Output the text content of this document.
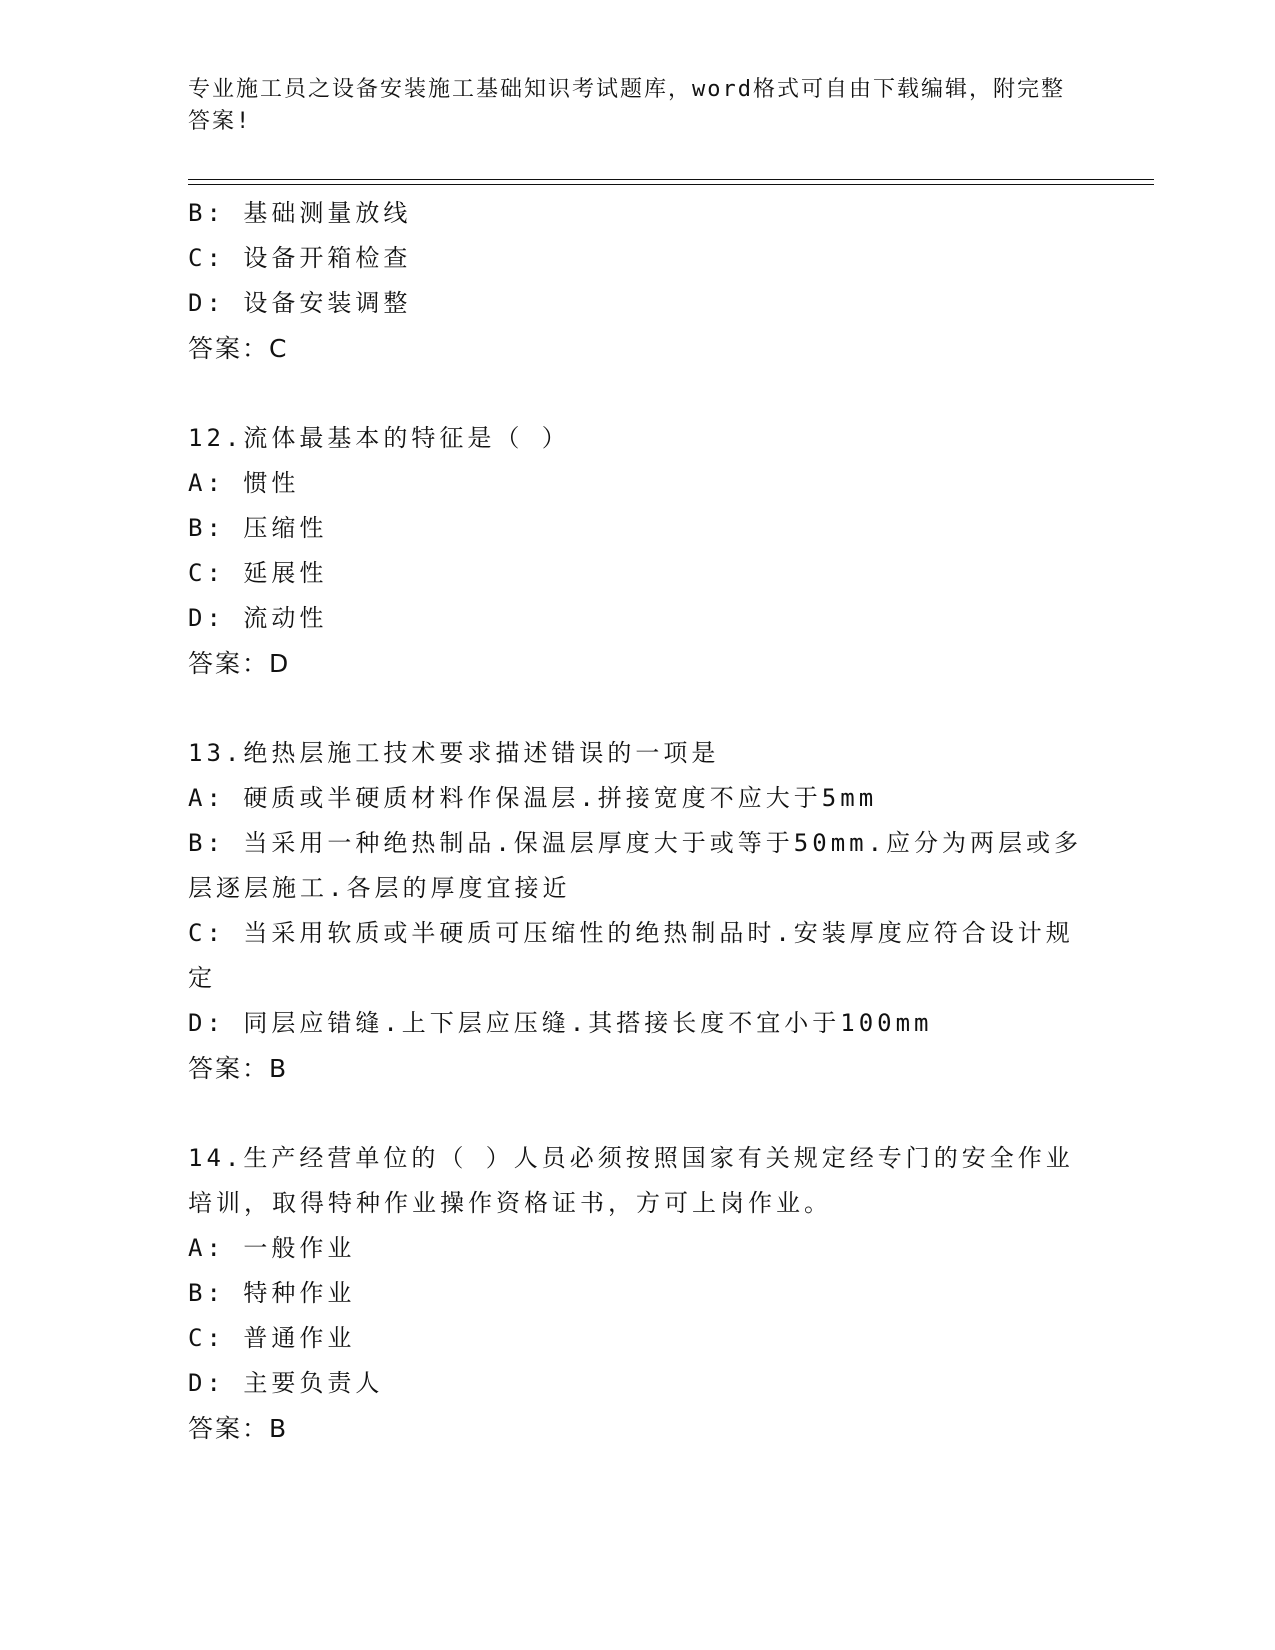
专业施工员之设备安装施工基础知识考试题库，word格式可自由下载编辑，附完整答案!
B: 基础测量放线
C: 设备开箱检查
D: 设备安装调整
答案：C
12.流体最基本的特征是（ ）
A: 惯性
B: 压缩性
C: 延展性
D: 流动性
答案：D
13.绝热层施工技术要求描述错误的一项是
A: 硬质或半硬质材料作保温层.拼接宽度不应大于5mm
B: 当采用一种绝热制品.保温层厚度大于或等于50mm.应分为两层或多层逐层施工.各层的厚度宜接近
C: 当采用软质或半硬质可压缩性的绝热制品时.安装厚度应符合设计规定
D: 同层应错缝.上下层应压缝.其搭接长度不宜小于100mm
答案：B
14.生产经营单位的（ ）人员必须按照国家有关规定经专门的安全作业培训，取得特种作业操作资格证书，方可上岗作业。
A: 一般作业
B: 特种作业
C: 普通作业
D: 主要负责人
答案：B
